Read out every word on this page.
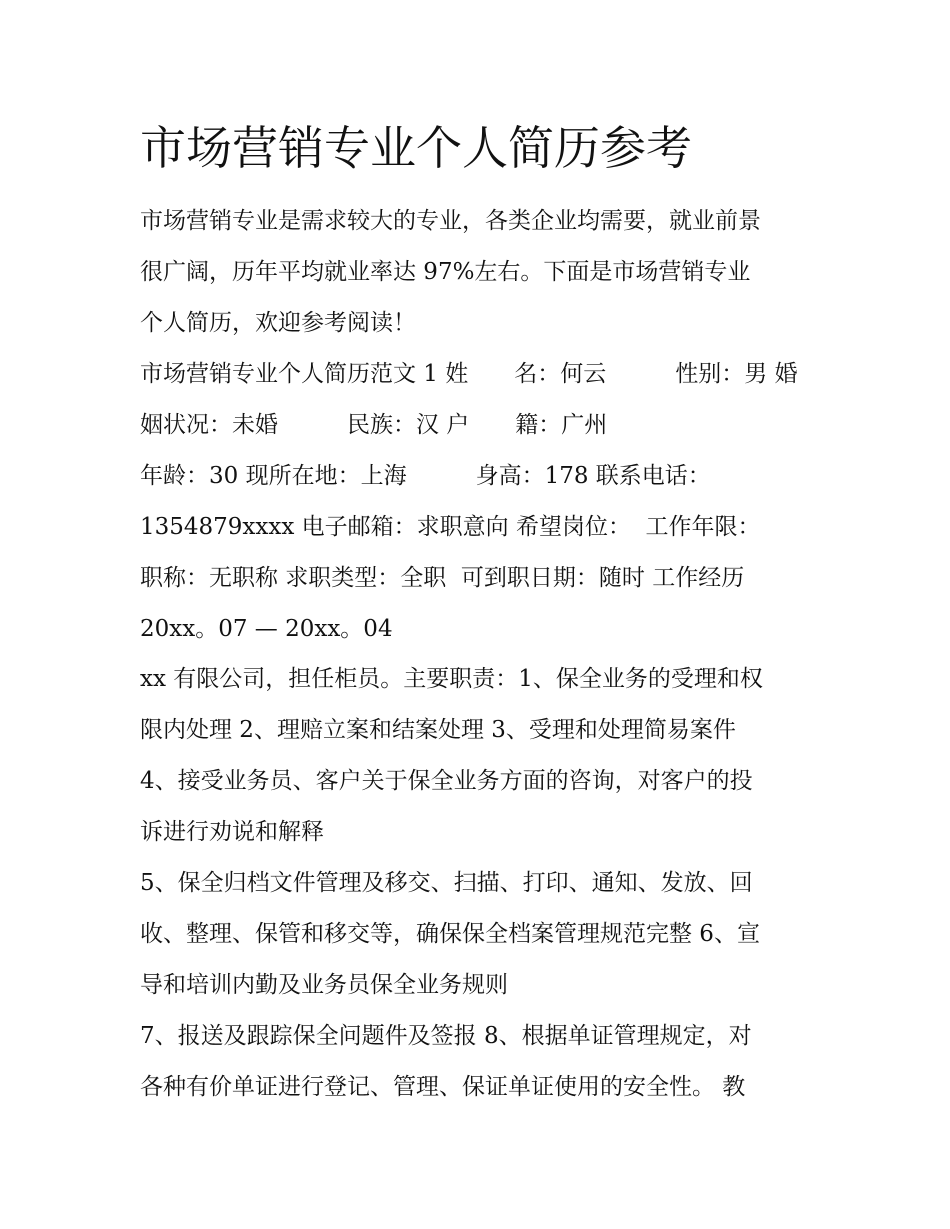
市场营销专业个人简历参考

市场营销专业是需求较大的专业，各类企业均需要，就业前景

很广阔，历年平均就业率达 97%左右。下面是市场营销专业

个人简历，欢迎参考阅读！

市场营销专业个人简历范文 1 姓　　名：何云　　　性别：男 婚

姻状况：未婚　　　民族：汉 户　　籍：广州

年龄：30 现所在地：上海　　　身高：178 联系电话：

1354879xxxx 电子邮箱：求职意向 希望岗位：  工作年限：

职称：无职称 求职类型：全职  可到职日期：随时 工作经历

20xx。07 — 20xx。04

xx 有限公司，担任柜员。主要职责：1、保全业务的受理和权

限内处理 2、理赔立案和结案处理 3、受理和处理简易案件

4、接受业务员、客户关于保全业务方面的咨询，对客户的投

诉进行劝说和解释

5、保全归档文件管理及移交、扫描、打印、通知、发放、回

收、整理、保管和移交等，确保保全档案管理规范完整 6、宣

导和培训内勤及业务员保全业务规则

7、报送及跟踪保全问题件及签报 8、根据单证管理规定，对

各种有价单证进行登记、管理、保证单证使用的安全性。 教
